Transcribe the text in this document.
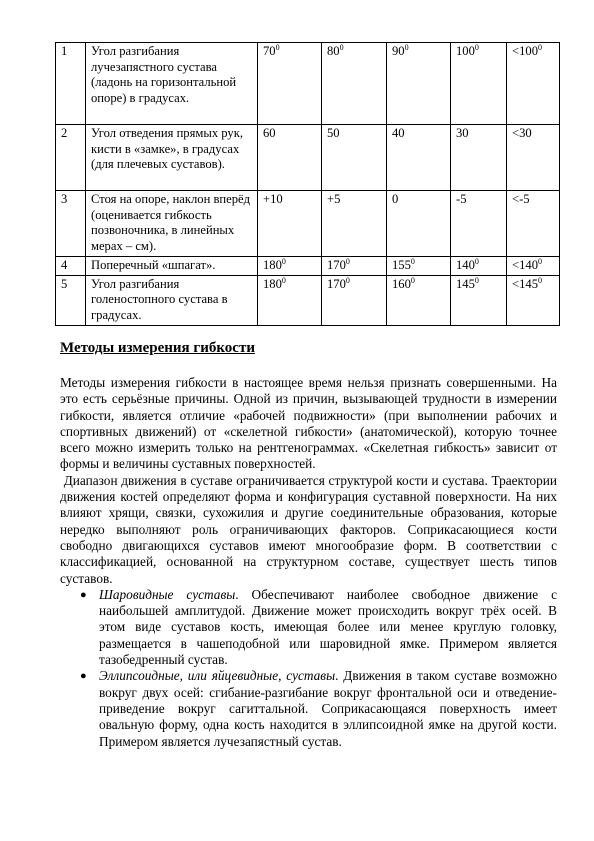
1	Угол разгибания лучезапястного сустава (ладонь на горизонтальной опоре) в градусах.	$70^0$	$80^0$	$90^0$	$100^0$	$<100^0$
2	Угол отведения прямых рук, кисти в «замке», в градусах (для плечевых суставов).	60	50	40	30	<30
3	Стоя на опоре, наклон вперёд (оценивается гибкость позвоночника, в линейных мерах – см).	+10	+5	0	-5	<-5
4	Поперечный «шпагат».	$180^0$	$170^0$	$155^0$	$140^0$	$<140^0$
5	Угол разгибания голеностопного сустава в градусах.	$180^0$	$170^0$	$160^0$	$145^0$	$<145^0$
Методы измерения гибкости

Методы измерения гибкости в настоящее время нельзя признать совершенными. На это есть серьёзные причины. Одной из причин, вызывающей трудности в измерении гибкости, является отличие «рабочей подвижности» (при выполнении рабочих и спортивных движений) от «скелетной гибкости» (анатомической), которую точнее всего можно измерить только на рентгенограммах. «Скелетная гибкость» зависит от формы и величины суставных поверхностей.

Диапазон движения в суставе ограничивается структурой кости и сустава. Траектории движения костей определяют форма и конфигурация суставной поверхности. На них влияют хрящи, связки, сухожилия и другие соединительные образования, которые нередко выполняют роль ограничивающих факторов. Соприкасающиеся кости свободно двигающихся суставов имеют многообразие форм. В соответствии с классификацией, основанной на структурном составе, существует шесть типов суставов.

● Шаровидные суставы. Обеспечивают наиболее свободное движение с наибольшей амплитудой. Движение может происходить вокруг трёх осей. В этом виде суставов кость, имеющая более или менее круглую головку, размещается в чашеподобной или шаровидной ямке. Примером является тазобедренный сустав.
● Эллипсоидные, или яйцевидные, суставы. Движения в таком суставе возможно вокруг двух осей: сгибание-разгибание вокруг фронтальной оси и отведение-приведение вокруг сагиттальной. Соприкасающаяся поверхность имеет овальную форму, одна кость находится в эллипсоидной ямке на другой кости. Примером является лучезапястный сустав.
